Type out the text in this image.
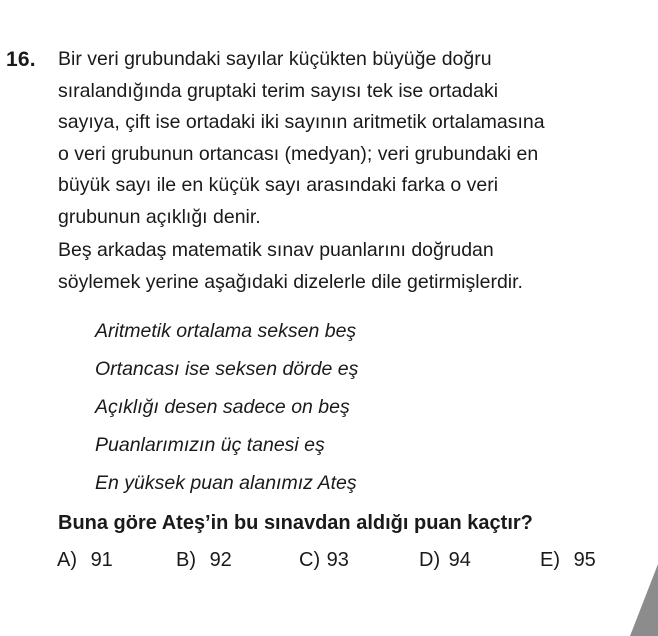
16. Bir veri grubundaki sayılar küçükten büyüğe doğru
sıralandığında gruptaki terim sayısı tek ise ortadaki
sayıya, çift ise ortadaki iki sayının aritmetik ortalamasına
o veri grubunun ortancası (medyan); veri grubundaki en
büyük sayı ile en küçük sayı arasındaki farka o veri
grubunun açıklığı denir.
Beş arkadaş matematik sınav puanlarını doğrudan
söylemek yerine aşağıdaki dizelerle dile getirmişlerdir.
Aritmetik ortalama seksen beş
Ortancası ise seksen dörde eş
Açıklığı desen sadece on beş
Puanlarımızın üç tanesi eş
En yüksek puan alanımız Ateş
Buna göre Ateş’in bu sınavdan aldığı puan kaçtır?
A) 91	B) 92	C) 93	D) 94	E) 95
